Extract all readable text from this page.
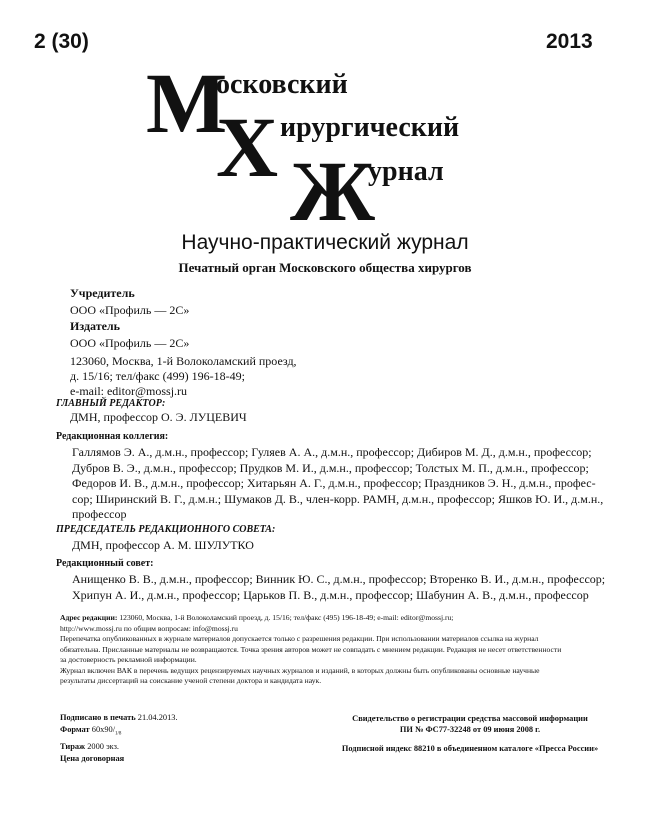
2 (30)	2013
М
осковский
Х ирургический
Ж
урнал
Научно-практический журнал
Печатный орган Московского общества хирургов
Учредитель
ООО «Профиль — 2С»
Издатель
ООО «Профиль — 2С»
123060, Москва, 1-й Волоколамский проезд,
д. 15/16; тел/факс (499) 196-18-49;
e-mail: editor@mossj.ru
ГЛАВНЫЙ РЕДАКТОР:
ДМН, профессор О. Э. ЛУЦЕВИЧ
Редакционная коллегия:
Галлямов Э. А., д.м.н., профессор; Гуляев А. А., д.м.н., профессор; Дибиров М. Д., д.м.н., профессор;
Дубров В. Э., д.м.н., профессор; Прудков М. И., д.м.н., профессор; Толстых М. П., д.м.н., профессор;
Федоров И. В., д.м.н., профессор; Хитарьян А. Г., д.м.н., профессор; Праздников Э. Н., д.м.н., профес-
сор; Ширинский В. Г., д.м.н.; Шумаков Д. В., член-корр. РАМН, д.м.н., профессор; Яшков Ю. И., д.м.н.,
профессор
ПРЕДСЕДАТЕЛЬ РЕДАКЦИОННОГО СОВЕТА:
ДМН, профессор А. М. ШУЛУТКО
Редакционный совет:
Анищенко В. В., д.м.н., профессор; Винник Ю. С., д.м.н., профессор; Вторенко В. И., д.м.н., профессор;
Хрипун А. И., д.м.н., профессор; Царьков П. В., д.м.н., профессор; Шабунин А. В., д.м.н., профессор
Адрес редакции: 123060, Москва, 1-й Волоколамский проезд, д. 15/16; тел/факс (495) 196-18-49; e-mail: editor@mossj.ru;
http://www.mossj.ru по общим вопросам: info@mossj.ru
Перепечатка опубликованных в журнале материалов допускается только с разрешения редакции. При использовании материалов ссылка на журнал
обязательна. Присланные материалы не возвращаются. Точка зрения авторов может не совпадать с мнением редакции. Редакция не несет ответственности
за достоверность рекламной информации.
Журнал включен ВАК в перечень ведущих рецензируемых научных журналов и изданий, в которых должны быть опубликованы основные научные
результаты диссертаций на соискание ученой степени доктора и кандидата наук.
Подписано в печать 21.04.2013.
Формат $60х90/_{1/8}$
Тираж 2000 экз.
Цена договорная
Свидетельство о регистрации средства массовой информации
ПИ № ФС77-32248 от 09 июня 2008 г.
Подписной индекс 88210 в объединенном каталоге «Пресса России»
